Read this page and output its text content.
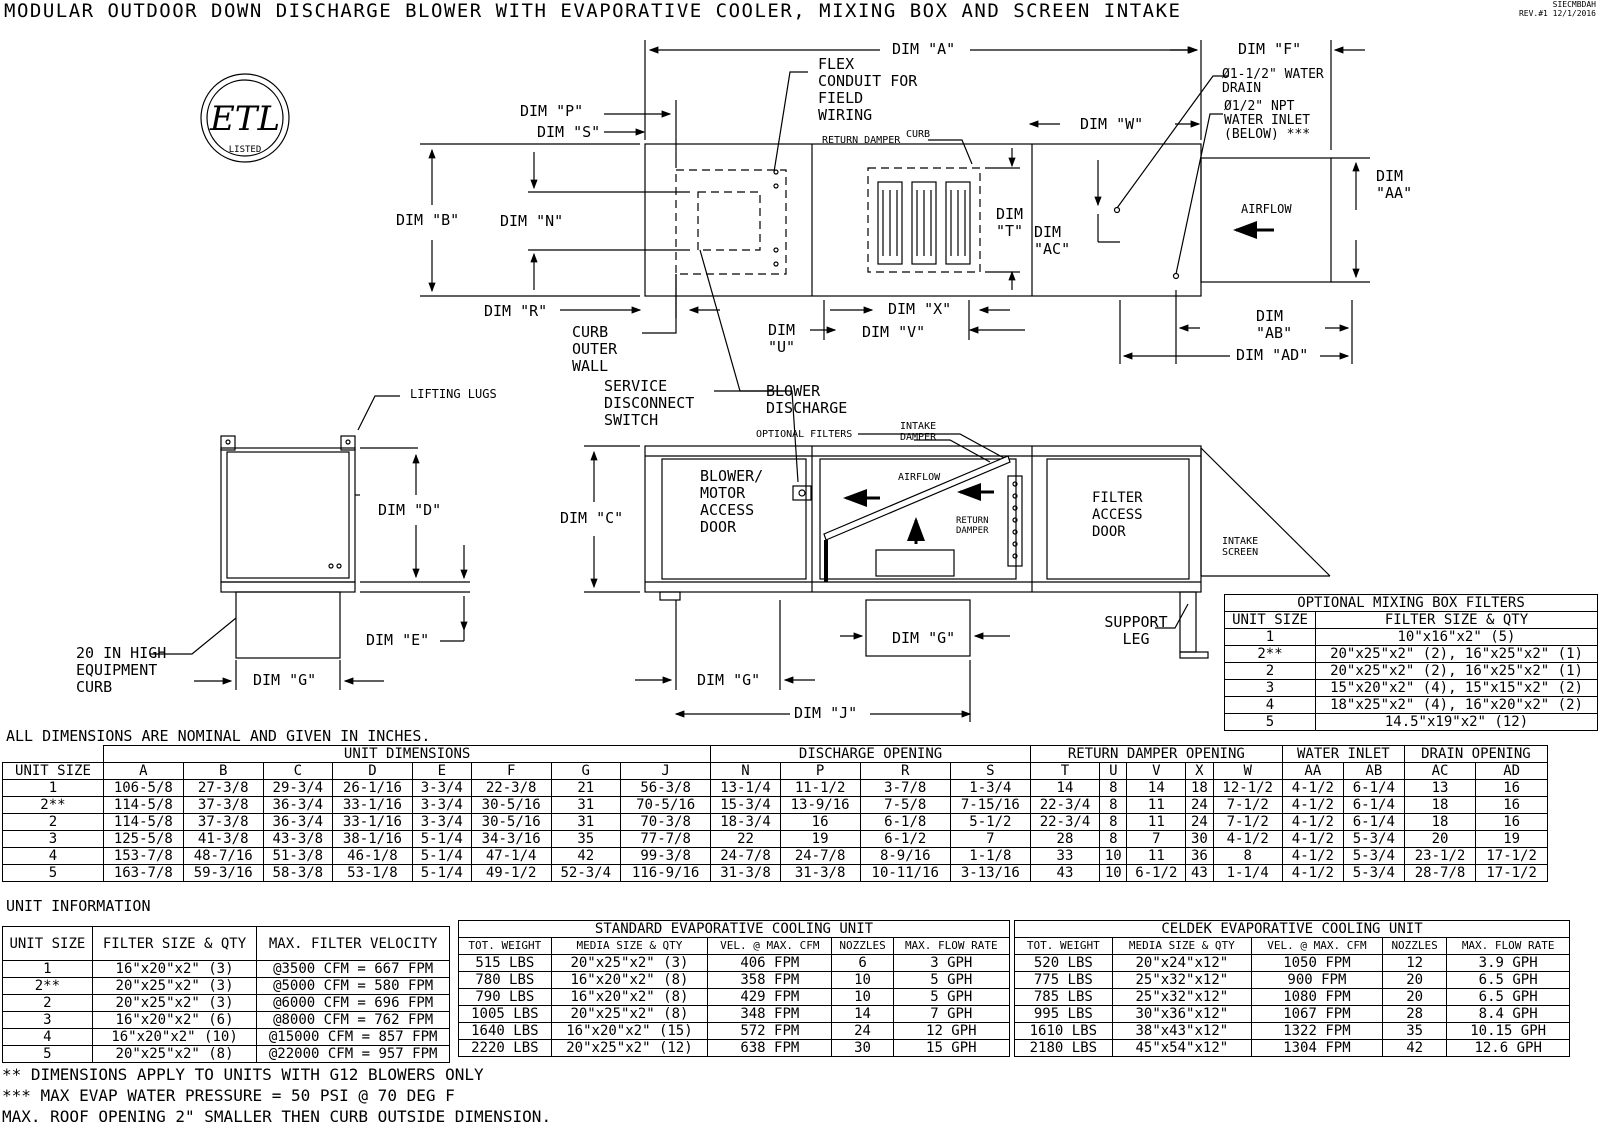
MODULAR OUTDOOR DOWN DISCHARGE BLOWER WITH EVAPORATIVE COOLER, MIXING BOX AND SCREEN INTAKE	SIECMBDAH
REV.#1 12/1/2016
ETL
LISTED
DIM "A"	DIM "F"
DIM "P"
DIM "S"
DIM "B"	DIM "N"
DIM "R"
DIM "W"
DIM "T" DIM "AC"
DIM "X"
DIM "V"
DIM "U"
DIM "AA"
DIM "AB"
DIM "AD"
FLEX CONDUIT FOR FIELD WIRING
Ø1-1/2" WATER DRAIN
Ø1/2" NPT WATER INLET (BELOW) ***
RETURN DAMPER
CURB
AIRFLOW
CURB OUTER WALL
BLOWER DISCHARGE
SERVICE DISCONNECT SWITCH
LIFTING LUGS
DIM "D"
DIM "E"
DIM "G"
20 IN HIGH EQUIPMENT CURB
OPTIONAL FILTERS
INTAKE DAMPER
BLOWER/ MOTOR ACCESS DOOR
AIRFLOW
RETURN DAMPER
FILTER ACCESS DOOR
INTAKE SCREEN
DIM "C"
DIM "G"
DIM "G"
DIM "J"
SUPPORT LEG
OPTIONAL MIXING BOX FILTERS	
UNIT SIZE	FILTER SIZE & QTY
1	10"x16"x2" (5)
2**	20"x25"x2" (2), 16"x25"x2" (1)
2	20"x25"x2" (2), 16"x25"x2" (1)
3	15"x20"x2" (4), 15"x15"x2" (2)
4	18"x25"x2" (4), 16"x20"x2" (2)
5	14.5"x19"x2" (12)
ALL DIMENSIONS ARE NOMINAL AND GIVEN IN INCHES.
	UNIT DIMENSIONS								DISCHARGE OPENING				RETURN DAMPER OPENING					WATER INLET		DRAIN OPENING	
UNIT SIZE	A	B	C	D	E	F	G	J	N	P	R	S	T	U	V	X	W	AA	AB	AC	AD
1	106-5/8	27-3/8	29-3/4	26-1/16	3-3/4	22-3/8	21	56-3/8	13-1/4	11-1/2	3-7/8	1-3/4	14	8	14	18	12-1/2	4-1/2	6-1/4	13	16
2**	114-5/8	37-3/8	36-3/4	33-1/16	3-3/4	30-5/16	31	70-5/16	15-3/4	13-9/16	7-5/8	7-15/16	22-3/4	8	11	24	7-1/2	4-1/2	6-1/4	18	16
2	114-5/8	37-3/8	36-3/4	33-1/16	3-3/4	30-5/16	31	70-3/8	18-3/4	16	6-1/8	5-1/2	22-3/4	8	11	24	7-1/2	4-1/2	6-1/4	18	16
3	125-5/8	41-3/8	43-3/8	38-1/16	5-1/4	34-3/16	35	77-7/8	22	19	6-1/2	7	28	8	7	30	4-1/2	4-1/2	5-3/4	20	19
4	153-7/8	48-7/16	51-3/8	46-1/8	5-1/4	47-1/4	42	99-3/8	24-7/8	24-7/8	8-9/16	1-1/8	33	10	11	36	8	4-1/2	5-3/4	23-1/2	17-1/2
5	163-7/8	59-3/16	58-3/8	53-1/8	5-1/4	49-1/2	52-3/4	116-9/16	31-3/8	31-3/8	10-11/16	3-13/16	43	10	6-1/2	43	1-1/4	4-1/2	5-3/4	28-7/8	17-1/2
UNIT INFORMATION
UNIT SIZE	FILTER SIZE & QTY	MAX. FILTER VELOCITY
1	16"x20"x2" (3)	@3500 CFM = 667 FPM
2**	20"x25"x2" (3)	@5000 CFM = 580 FPM
2	20"x25"x2" (3)	@6000 CFM = 696 FPM
3	16"x20"x2" (6)	@8000 CFM = 762 FPM
4	16"x20"x2" (10)	@15000 CFM = 857 FPM
5	20"x25"x2" (8)	@22000 CFM = 957 FPM
STANDARD EVAPORATIVE COOLING UNIT				
TOT. WEIGHT	MEDIA SIZE & QTY	VEL. @ MAX. CFM	NOZZLES	MAX. FLOW RATE
515 LBS	20"x25"x2" (3)	406 FPM	6	3 GPH
780 LBS	16"x20"x2" (8)	358 FPM	10	5 GPH
790 LBS	16"x20"x2" (8)	429 FPM	10	5 GPH
1005 LBS	20"x25"x2" (8)	348 FPM	14	7 GPH
1640 LBS	16"x20"x2" (15)	572 FPM	24	12 GPH
2220 LBS	20"x25"x2" (12)	638 FPM	30	15 GPH
CELDEK EVAPORATIVE COOLING UNIT				
TOT. WEIGHT	MEDIA SIZE & QTY	VEL. @ MAX. CFM	NOZZLES	MAX. FLOW RATE
520 LBS	20"x24"x12"	1050 FPM	12	3.9 GPH
775 LBS	25"x32"x12"	900 FPM	20	6.5 GPH
785 LBS	25"x32"x12"	1080 FPM	20	6.5 GPH
995 LBS	30"x36"x12"	1067 FPM	28	8.4 GPH
1610 LBS	38"x43"x12"	1322 FPM	35	10.15 GPH
2180 LBS	45"x54"x12"	1304 FPM	42	12.6 GPH
** DIMENSIONS APPLY TO UNITS WITH G12 BLOWERS ONLY
*** MAX EVAP WATER PRESSURE = 50 PSI @ 70 DEG F
MAX. ROOF OPENING 2" SMALLER THEN CURB OUTSIDE DIMENSION.
